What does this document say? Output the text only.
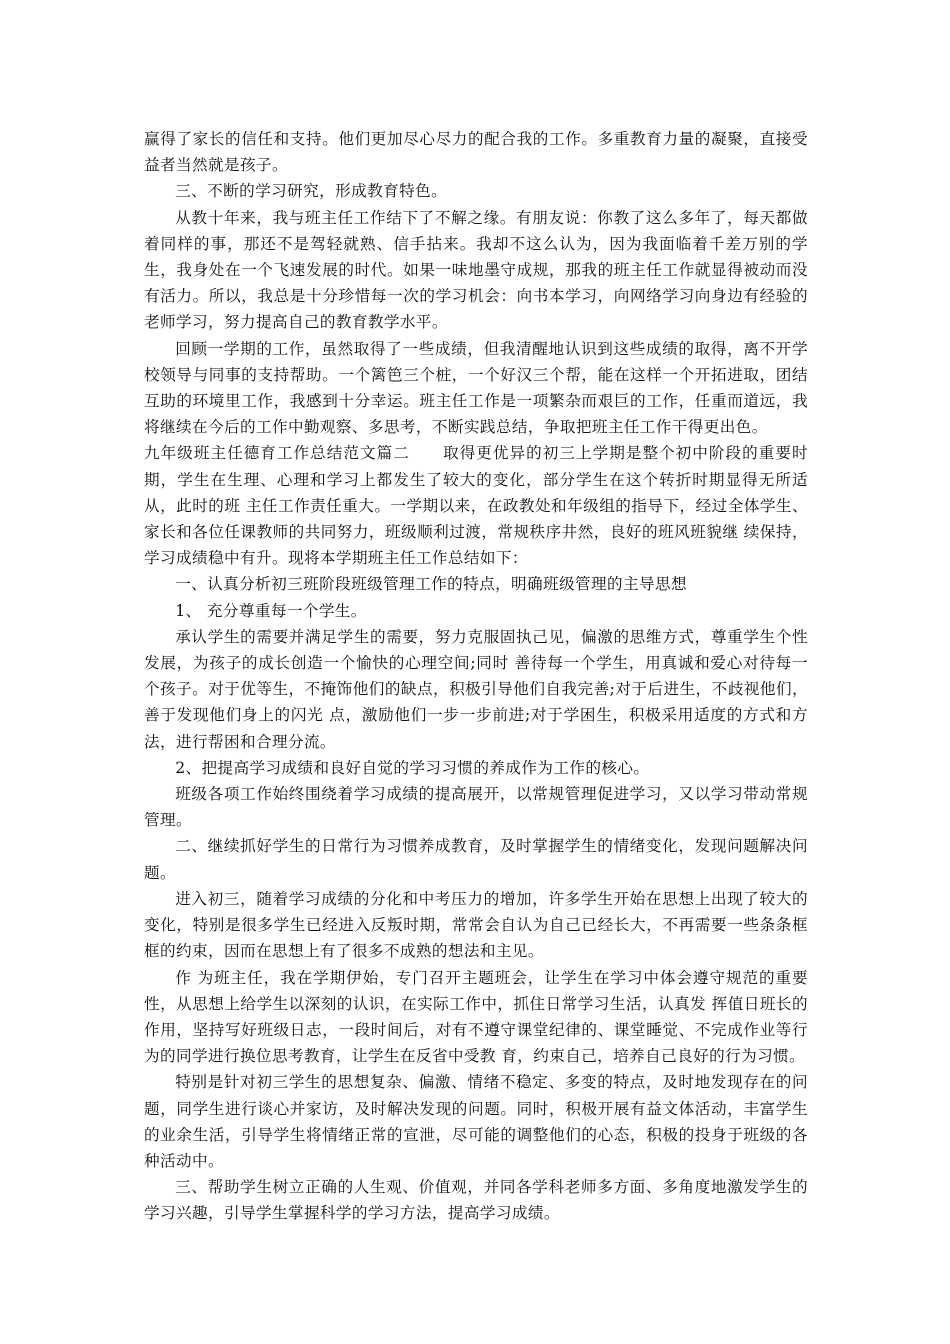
赢得了家长的信任和支持。他们更加尽心尽力的配合我的工作。多重教育力量的凝聚，直接受益者当然就是孩子。

三、不断的学习研究，形成教育特色。

从教十年来，我与班主任工作结下了不解之缘。有朋友说：你教了这么多年了，每天都做着同样的事，那还不是驾轻就熟、信手拈来。我却不这么认为，因为我面临着千差万别的学生，我身处在一个飞速发展的时代。如果一味地墨守成规，那我的班主任工作就显得被动而没有活力。所以，我总是十分珍惜每一次的学习机会：向书本学习，向网络学习向身边有经验的老师学习，努力提高自己的教育教学水平。

回顾一学期的工作，虽然取得了一些成绩，但我清醒地认识到这些成绩的取得，离不开学校领导与同事的支持帮助。一个篱笆三个桩，一个好汉三个帮，能在这样一个开拓进取，团结互助的环境里工作，我感到十分幸运。班主任工作是一项繁杂而艰巨的工作，任重而道远，我将继续在今后的工作中勤观察、多思考，不断实践总结，争取把班主任工作干得更出色。

九年级班主任德育工作总结范文篇二　　取得更优异的初三上学期是整个初中阶段的重要时期，学生在生理、心理和学习上都发生了较大的变化，部分学生在这个转折时期显得无所适从，此时的班 主任工作责任重大。一学期以来，在政教处和年级组的指导下，经过全体学生、家长和各位任课教师的共同努力，班级顺利过渡，常规秩序井然，良好的班风班貌继 续保持，学习成绩稳中有升。现将本学期班主任工作总结如下：

一、认真分析初三班阶段班级管理工作的特点，明确班级管理的主导思想

1、 充分尊重每一个学生。

承认学生的需要并满足学生的需要，努力克服固执己见，偏激的思维方式，尊重学生个性发展，为孩子的成长创造一个愉快的心理空间;同时 善待每一个学生，用真诚和爱心对待每一个孩子。对于优等生，不掩饰他们的缺点，积极引导他们自我完善;对于后进生，不歧视他们，善于发现他们身上的闪光 点，激励他们一步一步前进;对于学困生，积极采用适度的方式和方法，进行帮困和合理分流。

2、把提高学习成绩和良好自觉的学习习惯的养成作为工作的核心。

班级各项工作始终围绕着学习成绩的提高展开，以常规管理促进学习，又以学习带动常规管理。

二、继续抓好学生的日常行为习惯养成教育，及时掌握学生的情绪变化，发现问题解决问题。

进入初三，随着学习成绩的分化和中考压力的增加，许多学生开始在思想上出现了较大的变化，特别是很多学生已经进入反叛时期，常常会自认为自己已经长大，不再需要一些条条框框的约束，因而在思想上有了很多不成熟的想法和主见。

作 为班主任，我在学期伊始，专门召开主题班会，让学生在学习中体会遵守规范的重要性，从思想上给学生以深刻的认识，在实际工作中，抓住日常学习生活，认真发 挥值日班长的作用，坚持写好班级日志，一段时间后，对有不遵守课堂纪律的、课堂睡觉、不完成作业等行为的同学进行换位思考教育，让学生在反省中受教 育，约束自己，培养自己良好的行为习惯。

特别是针对初三学生的思想复杂、偏激、情绪不稳定、多变的特点，及时地发现存在的问题，同学生进行谈心并家访，及时解决发现的问题。同时，积极开展有益文体活动，丰富学生的业余生活，引导学生将情绪正常的宣泄，尽可能的调整他们的心态，积极的投身于班级的各种活动中。

三、帮助学生树立正确的人生观、价值观，并同各学科老师多方面、多角度地激发学生的学习兴趣，引导学生掌握科学的学习方法，提高学习成绩。
